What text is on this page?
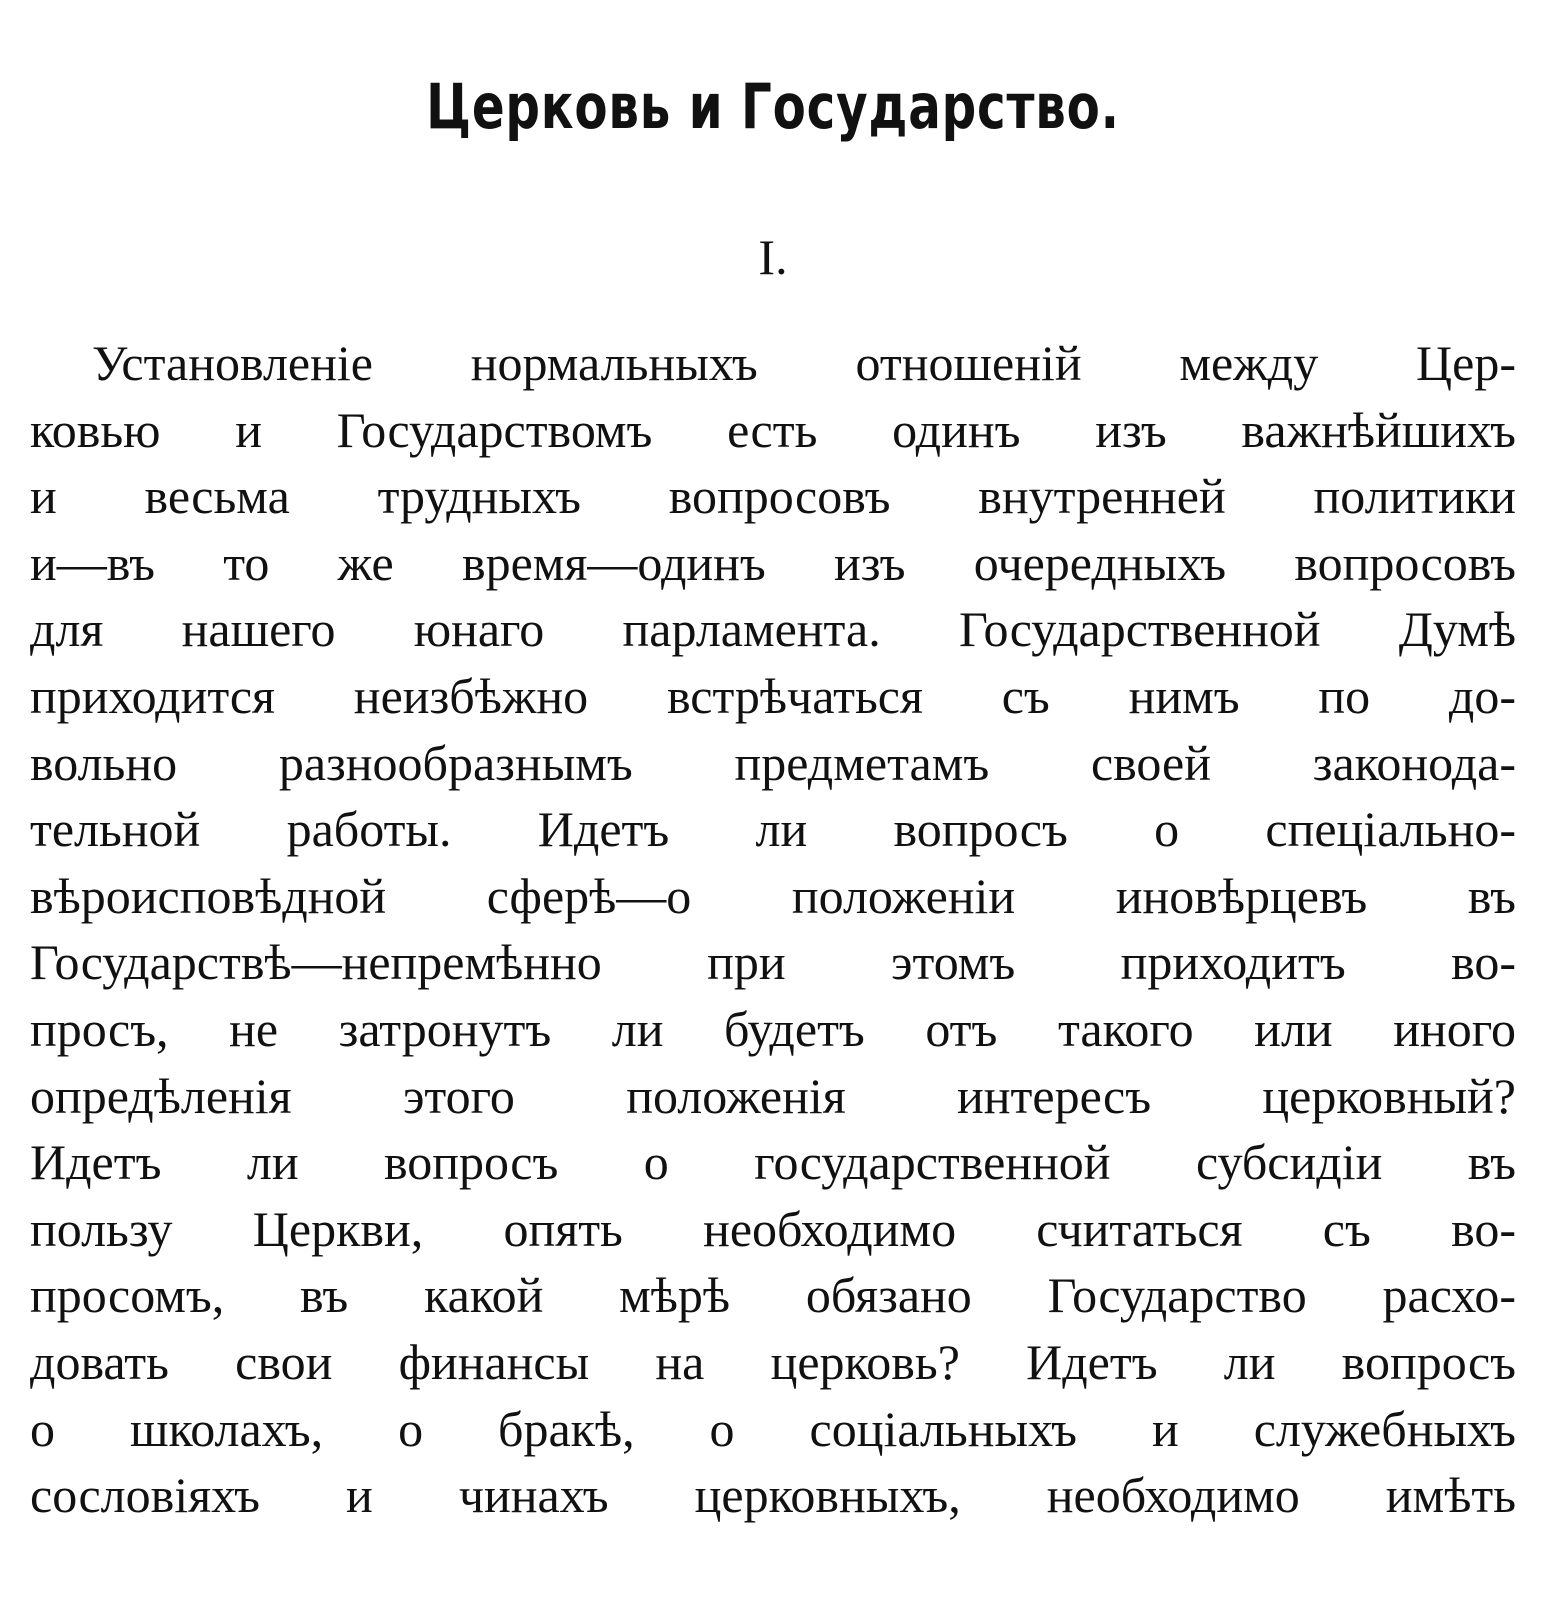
Церковь и Государство.
I.
Установленіе нормальныхъ отношеній между Цер-
ковью и Государствомъ есть одинъ изъ важнѣйшихъ
и весьма трудныхъ вопросовъ внутренней политики
и—въ то же время—одинъ изъ очередныхъ вопросовъ
для нашего юнаго парламента. Государственной Думѣ
приходится неизбѣжно встрѣчаться съ нимъ по до-
вольно разнообразнымъ предметамъ своей законода-
тельной работы. Идетъ ли вопросъ о спеціально-
вѣроисповѣдной сферѣ—о положеніи иновѣрцевъ въ
Государствѣ—непремѣнно при этомъ приходитъ во-
просъ, не затронутъ ли будетъ отъ такого или иного
опредѣленія этого положенія интересъ церковный?
Идетъ ли вопросъ о государственной субсидіи въ
пользу Церкви, опять необходимо считаться съ во-
просомъ, въ какой мѣрѣ обязано Государство расхо-
довать свои финансы на церковь? Идетъ ли вопросъ
о школахъ, о бракѣ, о соціальныхъ и служебныхъ
сословіяхъ и чинахъ церковныхъ, необходимо имѣть
